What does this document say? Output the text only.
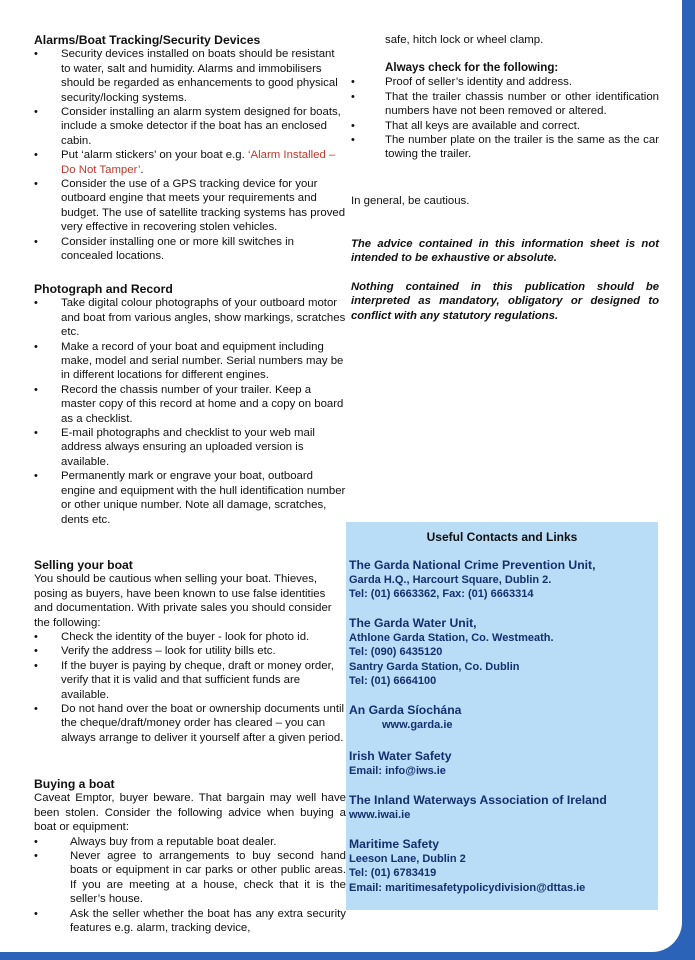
Alarms/Boat Tracking/Security Devices
• Security devices installed on boats should be resistant to water, salt and humidity. Alarms and immobilisers should be regarded as enhancements to good physical security/locking systems.
• Consider installing an alarm system designed for boats, include a smoke detector if the boat has an enclosed cabin.
• Put ‘alarm stickers’ on your boat e.g. ‘Alarm Installed – Do Not Tamper’.
• Consider the use of a GPS tracking device for your outboard engine that meets your requirements and budget. The use of satellite tracking systems has proved very effective in recovering stolen vehicles.
• Consider installing one or more kill switches in concealed locations.
Photograph and Record
• Take digital colour photographs of your outboard motor and boat from various angles, show markings, scratches etc.
• Make a record of your boat and equipment including make, model and serial number. Serial numbers may be in different locations for different engines.
• Record the chassis number of your trailer. Keep a master copy of this record at home and a copy on board as a checklist.
• E-mail photographs and checklist to your web mail address always ensuring an uploaded version is available.
• Permanently mark or engrave your boat, outboard engine and equipment with the hull identification number or other unique number. Note all damage, scratches, dents etc.
Selling your boat

You should be cautious when selling your boat. Thieves, posing as buyers, have been known to use false identities and documentation. With private sales you should consider the following:

• Check the identity of the buyer - look for photo id.
• Verify the address – look for utility bills etc.
• If the buyer is paying by cheque, draft or money order, verify that it is valid and that sufficient funds are available.
• Do not hand over the boat or ownership documents until the cheque/draft/money order has cleared – you can always arrange to deliver it yourself after a given period.
Buying a boat

Caveat Emptor, buyer beware. That bargain may well have been stolen. Consider the following advice when buying a boat or equipment:

• Always buy from a reputable boat dealer.
• Never agree to arrangements to buy second hand boats or equipment in car parks or other public areas. If you are meeting at a house, check that it is the seller’s house.
• Ask the seller whether the boat has any extra security features e.g. alarm, tracking device,

safe, hitch lock or wheel clamp.

Always check for the following:
• Proof of seller’s identity and address.
• That the trailer chassis number or other identification numbers have not been removed or altered.
• That all keys are available and correct.
• The number plate on the trailer is the same as the car towing the trailer.

In general, be cautious.

The advice contained in this information sheet is not intended to be exhaustive or absolute.

Nothing contained in this publication should be interpreted as mandatory, obligatory or designed to conflict with any statutory regulations.

Useful Contacts and Links
The Garda National Crime Prevention Unit,
Garda H.Q., Harcourt Square, Dublin 2.
Tel: (01) 6663362, Fax: (01) 6663314
The Garda Water Unit,
Athlone Garda Station, Co. Westmeath.
Tel: (090) 6435120
Santry Garda Station, Co. Dublin
Tel: (01) 6664100
An Garda Síochána
www.garda.ie
Irish Water Safety
Email: info@iws.ie
The Inland Waterways Association of Ireland
www.iwai.ie
Maritime Safety
Leeson Lane, Dublin 2
Tel: (01) 6783419
Email: maritimesafetypolicydivision@dttas.ie
